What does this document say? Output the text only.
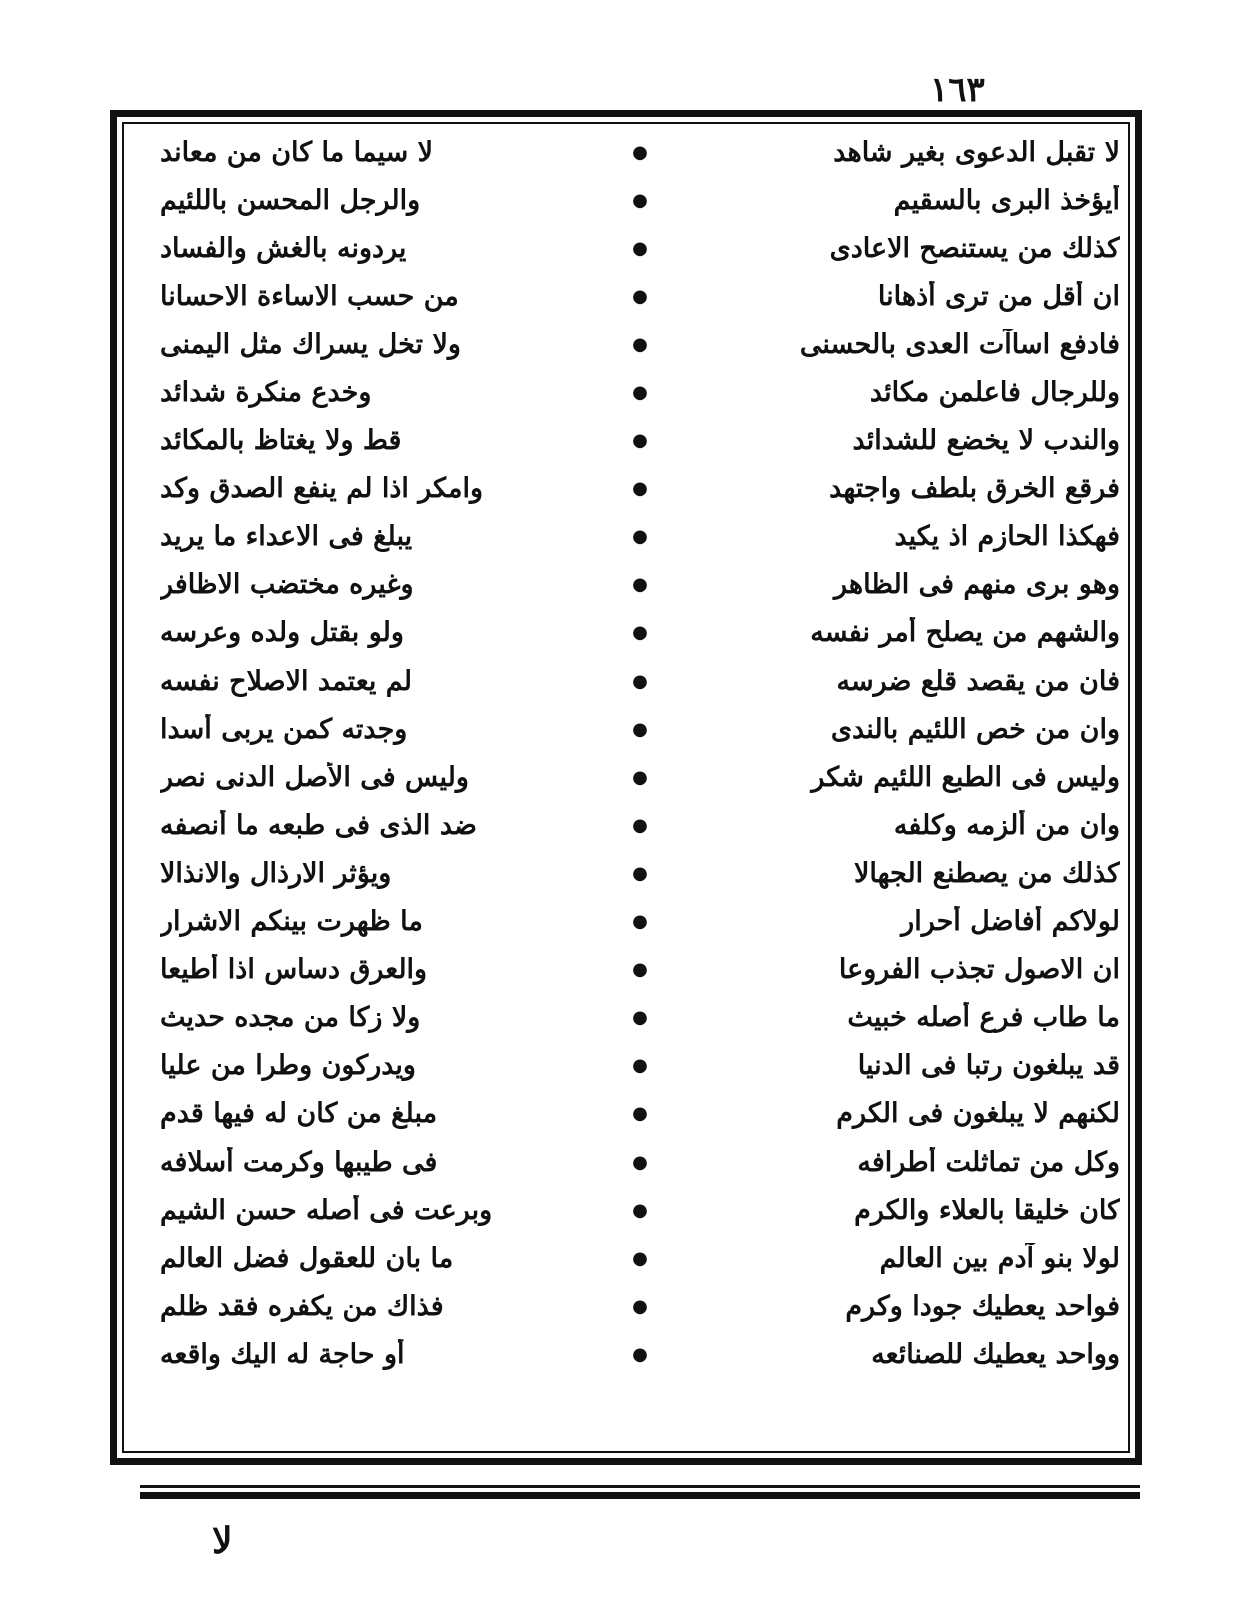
١٦٣
لا تقبل الدعوى بغير شاهد
●
لا سيما ما كان من معاند
أيؤخذ البرى بالسقيم
●
والرجل المحسن باللئيم
كذلك من يستنصح الاعادى
●
يردونه بالغش والفساد
ان أقل من ترى أذهانا
●
من حسب الاساءة الاحسانا
فادفع اساآت العدى بالحسنى
●
ولا تخل يسراك مثل اليمنى
وللرجال فاعلمن مكائد
●
وخدع منكرة شدائد
والندب لا يخضع للشدائد
●
قط ولا يغتاظ بالمكائد
فرقع الخرق بلطف واجتهد
●
وامكر اذا لم ينفع الصدق وكد
فهكذا الحازم اذ يكيد
●
يبلغ فى الاعداء ما يريد
وهو برى منهم فى الظاهر
●
وغيره مختضب الاظافر
والشهم من يصلح أمر نفسه
●
ولو بقتل ولده وعرسه
فان من يقصد قلع ضرسه
●
لم يعتمد الاصلاح نفسه
وان من خص اللئيم بالندى
●
وجدته كمن يربى أسدا
وليس فى الطبع اللئيم شكر
●
وليس فى الأصل الدنى نصر
وان من ألزمه وكلفه
●
ضد الذى فى طبعه ما أنصفه
كذلك من يصطنع الجهالا
●
ويؤثر الارذال والانذالا
لولاكم أفاضل أحرار
●
ما ظهرت بينكم الاشرار
ان الاصول تجذب الفروعا
●
والعرق دساس اذا أطيعا
ما طاب فرع أصله خبيث
●
ولا زكا من مجده حديث
قد يبلغون رتبا فى الدنيا
●
ويدركون وطرا من عليا
لكنهم لا يبلغون فى الكرم
●
مبلغ من كان له فيها قدم
وكل من تماثلت أطرافه
●
فى طيبها وكرمت أسلافه
كان خليقا بالعلاء والكرم
●
وبرعت فى أصله حسن الشيم
لولا بنو آدم بين العالم
●
ما بان للعقول فضل العالم
فواحد يعطيك جودا وكرم
●
فذاك من يكفره فقد ظلم
وواحد يعطيك للصنائعه
●
أو حاجة له اليك واقعه
لا
